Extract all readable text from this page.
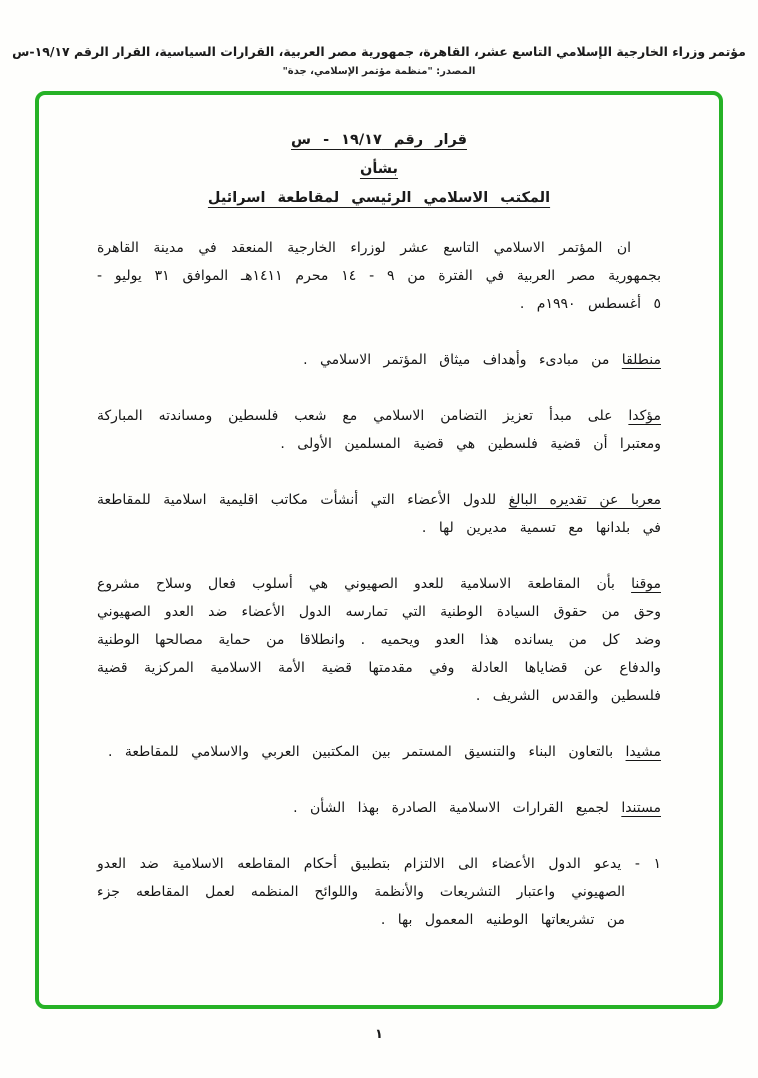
مؤتمر وزراء الخارجية الإسلامي التاسع عشر، القاهرة، جمهورية مصر العربية، القرارات السياسية، القرار الرقم ١٩/١٧-س
المصدر: "منظمة مؤتمر الإسلامي، جدة"
قرار رقم ١٩/١٧ - س
بشأن
المكتب الاسلامي الرئيسي لمقاطعة اسرائيل

ان المؤتمر الاسلامي التاسع عشر لوزراء الخارجية المنعقد في مدينة القاهرة بجمهورية مصر العربية في الفترة من ٩ - ١٤ محرم ١٤١١هـ الموافق ٣١ يوليو - ٥ أغسطس ١٩٩٠م .

منطلقا من مبادىء وأهداف ميثاق المؤتمر الاسلامي .

مؤكدا على مبدأ تعزيز التضامن الاسلامي مع شعب فلسطين ومساندته المباركة ومعتبرا أن قضية فلسطين هي قضية المسلمين الأولى .

معربا عن تقديره البالغ للدول الأعضاء التي أنشأت مكاتب اقليمية اسلامية للمقاطعة في بلدانها مع تسمية مديرين لها .

موقنا بأن المقاطعة الاسلامية للعدو الصهيوني هي أسلوب فعال وسلاح مشروع وحق من حقوق السيادة الوطنية التي تمارسه الدول الأعضاء ضد العدو الصهيوني وضد كل من يسانده هذا العدو ويحميه . وانطلاقا من حماية مصالحها الوطنية والدفاع عن قضاياها العادلة وفي مقدمتها قضية الأمة الاسلامية المركزية قضية فلسطين والقدس الشريف .

مشيدا بالتعاون البناء والتنسيق المستمر بين المكتبين العربي والاسلامي للمقاطعة .

مستندا لجميع القرارات الاسلامية الصادرة بهذا الشأن .

١ - يدعو الدول الأعضاء الى الالتزام بتطبيق أحكام المقاطعه الاسلامية ضد العدو الصهيوني واعتبار التشريعات والأنظمة واللوائح المنظمه لعمل المقاطعه جزء من تشريعاتها الوطنيه المعمول بها .

١
